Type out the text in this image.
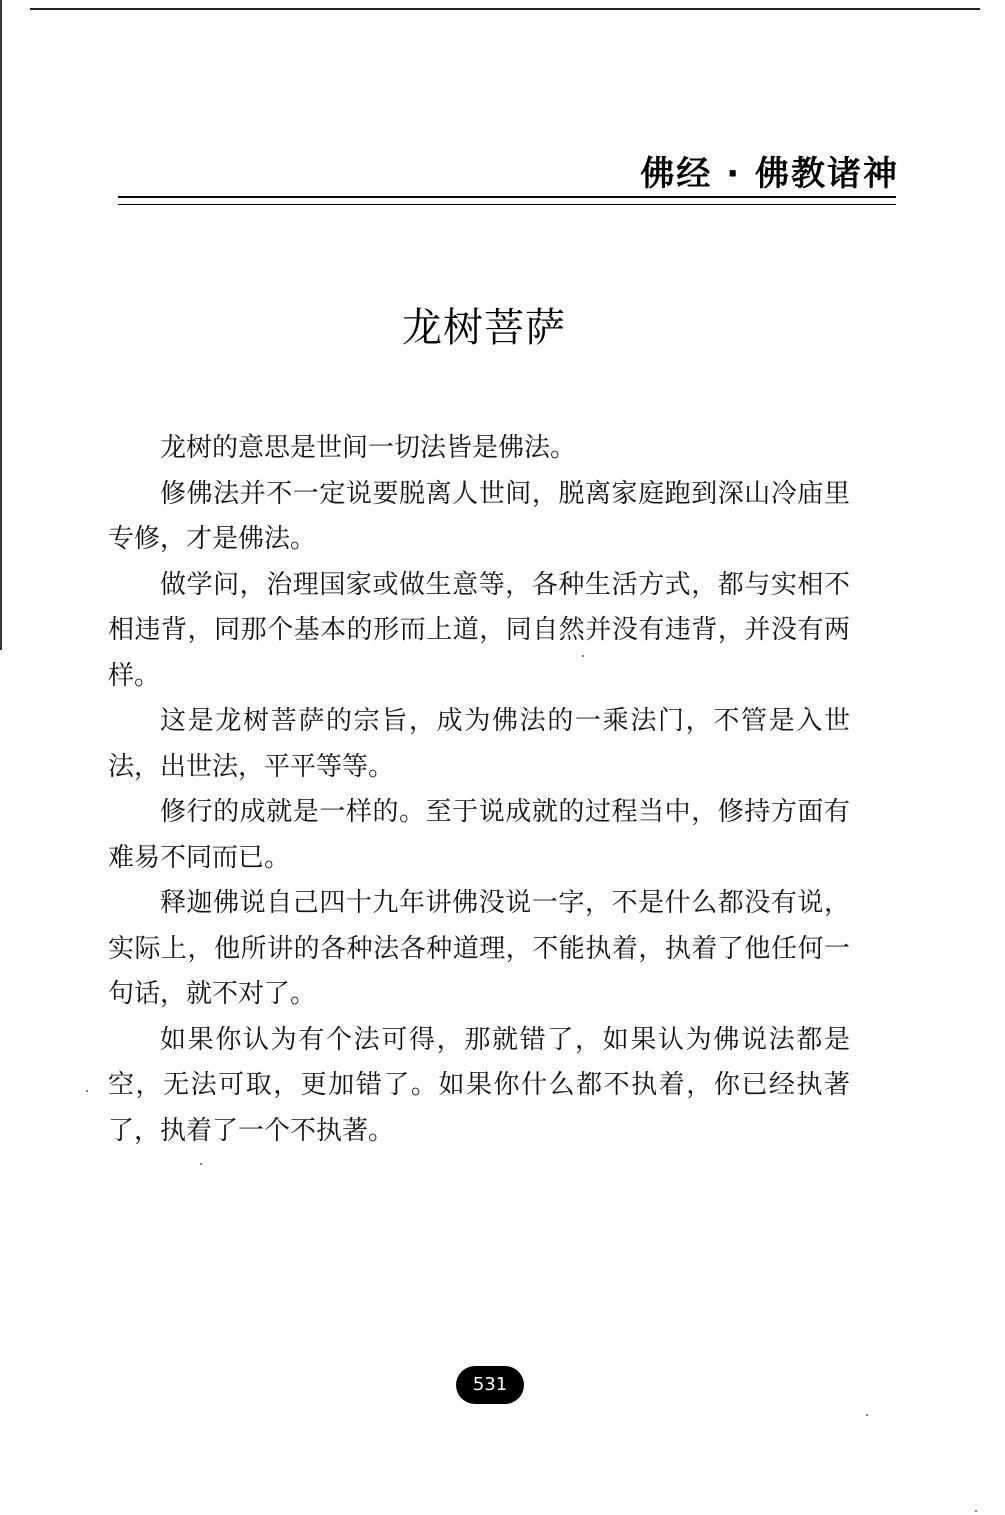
佛经 · 佛教诸神
龙树菩萨

龙树的意思是世间一切法皆是佛法。

修佛法并不一定说要脱离人世间，脱离家庭跑到深山冷庙里专修，才是佛法。

做学问，治理国家或做生意等，各种生活方式，都与实相不相违背，同那个基本的形而上道，同自然并没有违背，并没有两样。

这是龙树菩萨的宗旨，成为佛法的一乘法门，不管是入世法，出世法，平平等等。

修行的成就是一样的。至于说成就的过程当中，修持方面有难易不同而已。

释迦佛说自己四十九年讲佛没说一字，不是什么都没有说，实际上，他所讲的各种法各种道理，不能执着，执着了他任何一句话，就不对了。

如果你认为有个法可得，那就错了，如果认为佛说法都是空，无法可取，更加错了。如果你什么都不执着，你已经执著了，执着了一个不执著。

531
